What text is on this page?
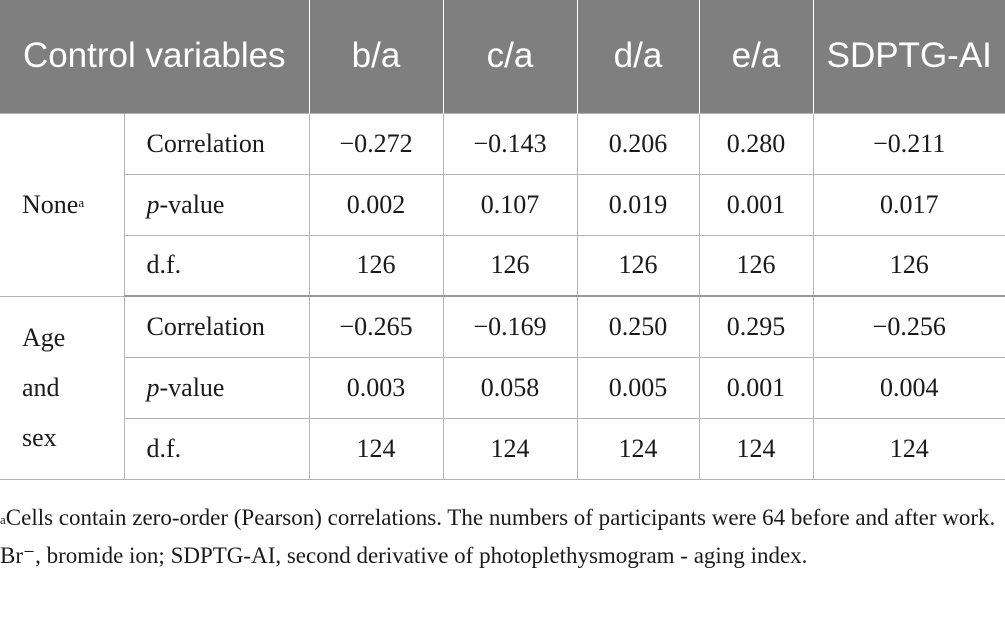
Control variables		b/a	c/a	d/a	e/a	SDPTG-AI
None$^a$	Correlation	−0.272	−0.143	0.206	0.280	−0.211
	p-value	0.002	0.107	0.019	0.001	0.017
	d.f.	126	126	126	126	126
Age and sex	Correlation	−0.265	−0.169	0.250	0.295	−0.256
	p-value	0.003	0.058	0.005	0.001	0.004
	d.f.	124	124	124	124	124

$^a$Cells contain zero-order (Pearson) correlations. The numbers of participants were 64 before and after work.

Br⁻, bromide ion; SDPTG-AI, second derivative of photoplethysmogram - aging index.
